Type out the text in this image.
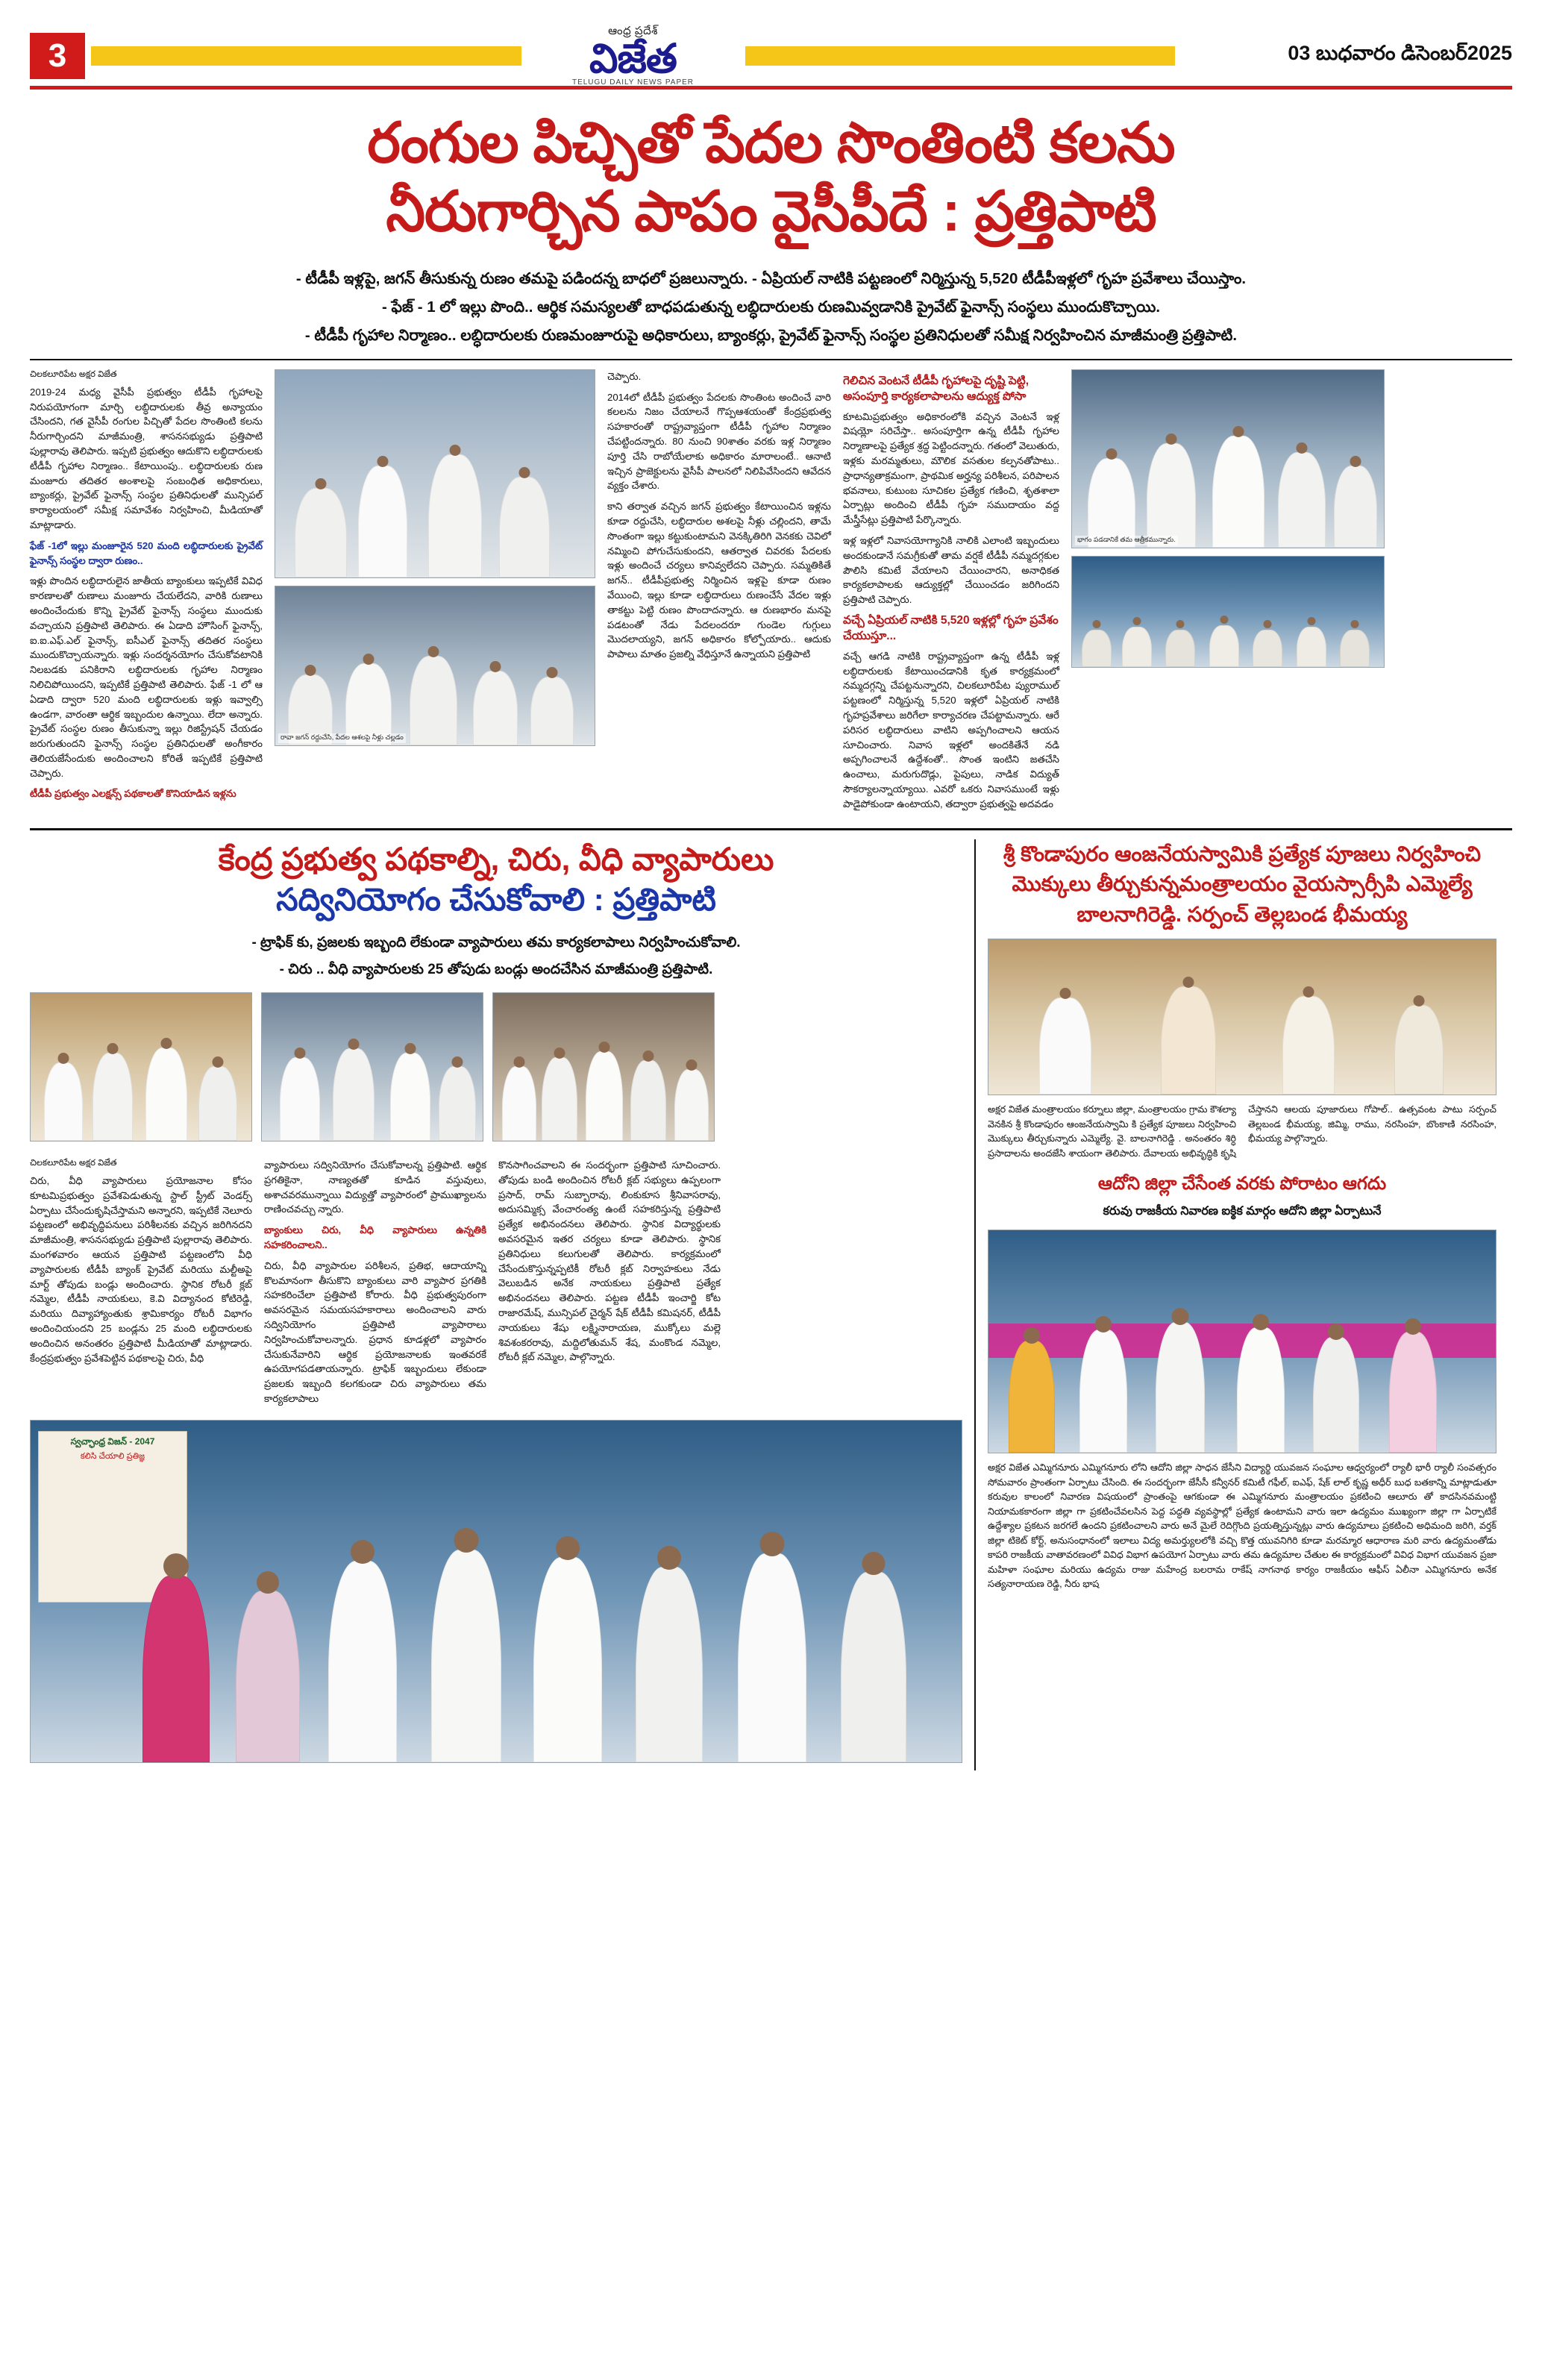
3
ఆంధ్ర ప్రదేశ్
విజేత
TELUGU DAILY NEWS PAPER
03 బుధవారం డిసెంబర్2025
రంగుల పిచ్చితో పేదల సొంతింటి కలను
నీరుగార్చిన పాపం వైసీపీదే : ప్రత్తిపాటి
- టీడీపీ ఇళ్లపై, జగన్ తీసుకున్న రుణం తమపై పడిందన్న బాధలో ప్రజలున్నారు. - ఏప్రియల్ నాటికి పట్టణంలో నిర్మిస్తున్న 5,520 టీడీపీఇళ్లలో గృహ ప్రవేశాలు చేయిస్తాం.
- ఫేజ్ - 1 లో ఇల్లు పొంది.. ఆర్థిక సమస్యలతో బాధపడుతున్న లబ్ధిదారులకు రుణమివ్వడానికి ప్రైవేట్ ఫైనాన్స్ సంస్థలు ముందుకొచ్చాయి.
- టీడీపీ గృహాల నిర్మాణం.. లబ్ధిదారులకు రుణమంజూరుపై అధికారులు, బ్యాంకర్లు, ప్రైవేట్ ఫైనాన్స్ సంస్థల ప్రతినిధులతో సమీక్ష నిర్వహించిన మాజీమంత్రి ప్రత్తిపాటి.
చిలకలూరిపేట అక్షర విజేత

2019-24 మధ్య వైసీపీ ప్రభుత్వం టీడీపీ గృహాలపై నిరుపయోగంగా మార్చి లబ్ధిదారులకు తీవ్ర అన్యాయం చేసిందని, గత వైసీపీ రంగుల పిచ్చితో పేదల సొంతింటి కలను నీరుగార్చిందని మాజీమంత్రి, శాసనసభ్యుడు ప్రత్తిపాటి పుల్లారావు తెలిపారు. ఇప్పటి ప్రభుత్వం ఆదుకొని లబ్ధిదారులకు టీడీపీ గృహాల నిర్మాణం.. కేటాయింపు.. లబ్ధిదారులకు రుణ మంజూరు తదితర అంశాలపై సంబంధిత అధికారులు, బ్యాంకర్లు, ప్రైవేట్ ఫైనాన్స్ సంస్థల ప్రతినిధులతో మున్సిపల్ కార్యాలయంలో సమీక్ష సమావేశం నిర్వహించి, మీడియాతో మాట్లాడారు.

ఫేజ్ -1లో ఇల్లు మంజూరైన 520 మంది లబ్ధిదారులకు ప్రైవేట్ ఫైనాన్స్ సంస్థల ద్వారా రుణం..

ఇళ్లు పొందిన లబ్ధిదారులైన జాతీయ బ్యాంకులు ఇప్పటికే వివిధ కారణాలతో రుణాలు మంజూరు చేయలేదని, వారికి రుణాలు అందించేందుకు కొన్ని ప్రైవేట్ ఫైనాన్స్ సంస్థలు ముందుకు వచ్చాయని ప్రత్తిపాటి తెలిపారు. ఈ ఏడాది హౌసింగ్ ఫైనాన్స్, ఐ.ఐ.ఎఫ్.ఎల్ ఫైనాన్స్, ఐసీఎల్ ఫైనాన్స్ తదితర సంస్థలు ముందుకొచ్చాయన్నారు. ఇళ్లు సందర్శనయోగం చేసుకోవటానికి నిలబడకు పనికిరాని లబ్ధిదారులకు గృహాల నిర్మాణం నిలిచిపోయిందని, ఇప్పటికే ప్రత్తిపాటి తెలిపారు. ఫేజ్ -1 లో ఆ ఏడాది ద్వారా 520 మంది లబ్ధిదారులకు ఇళ్లు ఇవ్వాల్సి ఉండగా, వారంతా ఆర్థిక ఇబ్బందుల ఉన్నాయి. లేదా అన్నారు. ప్రైవేట్ సంస్థల రుణం తీసుకున్నా ఇల్లు రిజిస్ట్రేషన్ చేయడం జరుగుతుందని ఫైనాన్స్ సంస్థల ప్రతినిధులతో అంగీకారం తెలియజేసేందుకు అందించాలని కోరితే ఇప్పటికే ప్రత్తిపాటి చెప్పారు.

టీడీపీ ప్రభుత్వం ఎలక్షన్స్ పథకాలతో కొనియాడిన ఇళ్లను

రావా జగన్ రద్దుచేసి, పేదల ఆశలపై నీళ్లు చల్లడం

చెప్పారు.

2014లో టీడీపీ ప్రభుత్వం పేదలకు సొంతింట అందించే వారి కలలను నిజం చేయాలనే గొప్పఆశయంతో కేంద్రప్రభుత్వ సహకారంతో రాష్ట్రవ్యాప్తంగా టీడీపీ గృహాల నిర్మాణం చేపట్టిందన్నారు. 80 నుంచి 90శాతం వరకు ఇళ్ల నిర్మాణం పూర్తి చేసి రాబోయేలాకు అధికారం మారాలంటే.. ఆనాటి ఇచ్చిన ప్రాజెక్టులను వైసీపీ పాలనలో నిలిపివేసిందని ఆవేదన వ్యక్తం చేశారు.

కాని తర్వాత వచ్చిన జగన్ ప్రభుత్వం కేటాయించిన ఇళ్లను కూడా రద్దుచేసి, లబ్ధిదారుల అశలపై నీళ్లు చల్లిందని, తామే సొంతంగా ఇల్లు కట్టుకుంటామని వెనక్కితిరిగి వెనకకు చెవిలో నమ్మించి పోగుచేసుకుందని, ఆతర్వాత చివరకు పేదలకు ఇళ్లు అందించే చర్యలు కానివ్వలేదని చెప్పారు. సమ్మతికితే జగన్.. టీడీపీప్రభుత్వ నిర్మించిన ఇళ్లపై కూడా రుణం వేయించి, ఇల్లు కూడా లబ్ధిదారులు రుణంచేసే వేదల ఇళ్లు తాకట్టు పెట్టి రుణం పొందాదన్నారు. ఆ రుణభారం మనపై పడటంతో నేడు పేదలందరూ గుండెల గుగ్గులు మొదలాయ్యని, జగన్ అధికారం కోల్పోయారు.. ఆదుకు పాపాలు మాతం ప్రజల్ని వేధిస్తూనే ఉన్నాయని ప్రత్తిపాటి

గెలిచిన వెంటనే టీడీపీ గృహాలపై దృష్టి పెట్టి, అసంపూర్తి కార్యకలాపాలను ఆద్యుక్త పోసా

కూటమిప్రభుత్వం అధికారంలోకి వచ్చిన వెంటనే ఇళ్ల విషయ్లో సరిచేస్తా.. అసంపూర్తిగా ఉన్న టీడీపీ గృహాల నిర్మాణాలపై ప్రత్యేక శ్రద్ధ పెట్టిందన్నారు. గతంలో వెలుతురు, ఇళ్లకు మరమ్మతులు, మౌలిక వసతుల కల్పనతోపాటు.. ప్రాధాన్యతాక్రమంగా, ప్రాథమిక అర్హన్య పరిశీలన, పరిపాలన భవనాలు, కుటుంబ సూచికల ప్రత్యేక గణించి, శృతశాలా ఏర్పాట్లు అందించి టీడీపీ గృహ సముదాయం వద్ద మేస్త్రీసేట్లు ప్రత్తిపాటి పేర్కొన్నారు.

ఇళ్ల ఇళ్లలో నివాసయోగ్యానికి నాలికి ఎలాంటి ఇబ్బందులు అందకుండానే సమగ్రీకుతో తామ వర్షకే టీడీపీ నమ్మదగ్గకుల పౌలిసి కమిటే వేయాలని చేయించారని, అనాధికత కార్యకలాపాలకు ఆద్యుక్తల్లో చేయించడం జరిగిందని ప్రత్తిపాటి చెప్పారు.

వచ్చే ఏప్రియల్ నాటికి 5,520 ఇళ్లల్లో గృహ ప్రవేశం చేయుస్తూ...

వచ్చే ఆగడి నాటికి రాష్ట్రవ్యాప్తంగా ఉన్న టీడీపీ ఇళ్ల లబ్ధిదారులకు కేటాయించడానికి కృత కార్యక్రమంలో నమ్మదగ్గన్ని చేపట్టనున్నారని, చిలకలూరిపేట ప్యురాముల్ పట్టణంలో నిర్మిస్తున్న 5,520 ఇళ్లలో ఏప్రియల్ నాటికి గృహప్రవేశాలు జరిగేలా కార్యాచరణ చేపట్టామన్నారు. ఆరే పరిసర లబ్ధిదారులు వాటిని అప్పగించాలని ఆయన సూచించారు. నివాస ఇళ్లలో అందకితేనే నడి అప్పగించాలనే ఉద్దేశంతో.. సొంత ఇంటిని జతచేసి ఉంచాలు, మరుగుదొడ్లు, పైపులు, నాడిక విద్యుత్ సౌకర్యాలన్నాయ్యాయి. ఎవరో ఒకరు నివాసముంటే ఇళ్లు పాడైపోకుండా ఉంటాయని, తద్వారా ప్రభుత్వపై అదవడం

భాగం పడడానికే తమ ఆత్రీకమున్నారు.
కేంద్ర ప్రభుత్వ పథకాల్ని, చిరు, వీధి వ్యాపారులు
సద్వినియోగం చేసుకోవాలి : ప్రత్తిపాటి
- ట్రాఫిక్ కు, ప్రజలకు ఇబ్బంది లేకుండా వ్యాపారులు తమ కార్యకలాపాలు నిర్వహించుకోవాలి.
- చిరు .. వీధి వ్యాపారులకు 25 తోపుడు బండ్లు అందచేసిన మాజీమంత్రి ప్రత్తిపాటి.
చిలకలూరిపేట అక్షర విజేత

చిరు, వీధి వ్యాపారులు ప్రయోజనాల కోసం కూటమిప్రభుత్వం ప్రవేశపెడుతున్న స్టాల్ స్ట్రీట్ వెండర్స్ ఏర్పాటు చేసేందుకృషిచేస్తామని అన్నారని, ఇప్పటికే నెలూరు పట్టణంలో అభివృద్ధిపనులు పరిశీలనకు వచ్చిన జరిగినదని మాజీమంత్రి, శాసనసభ్యుడు ప్రత్తిపాటి పుల్లారావు తెలిపారు. మంగళవారం ఆయన ప్రత్తిపాటి పట్టణంలోని వీధి వ్యాపారులకు టీడీపీ బ్యాంక్ ప్రైవేట్ మరియు మల్టీఅపై మార్ట్ తోపుడు బండ్లు అందించారు. స్థానిక రోటరీ క్లబ్ నమ్మెల, టీడీపీ నాయకులు, కె.వి విద్యానంద కోటిరెడ్డి, మరియు దివ్యాహ్యాంతుకు శ్రామికార్యం రోటరీ విభాగం అందించియందని 25 బండ్లను 25 మంది లబ్ధిదారులకు అందించిన అనంతరం ప్రత్తిపాటి మీడియాతో మాట్లాడారు. కేంద్రప్రభుత్వం ప్రవేశపెట్టిన పథకాలపై చిరు, వీధి

వ్యాపారులు సద్వినియోగం చేసుకోవాలన్న ప్రత్తిపాటి. ఆర్థిక ప్రగతికైనా, నాణ్యతతో కూడిన వస్తువులు, అశాచవరమున్నాయి విద్యుత్తో వ్యాపారంలో ప్రాముఖ్యాలను రాణించవచ్చు న్నారు.

బ్యాంకులు చిరు, వీధి వ్యాపారులు ఉన్నతికి సహకరించాలని..

చిరు, వీధి వ్యాపారుల పరిశీలన, ప్రతిభ, ఆదాయాన్ని కొలమానంగా తీసుకొని బ్యాంకులు వారి వ్యాపార ప్రగతికి సహకరించేలా ప్రత్తిపాటి కోరారు. వీధి ప్రభుత్వపురంగా అవసరమైన సమయసహకారాలు అందించాలని వారు సద్వినియోగం ప్రత్తిపాటి వ్యాపారాలు నిర్వహించుకోవాలన్నారు. ప్రధాన కూడళ్లలో వ్యాపారం చేసుకునేవారిని ఆర్థిక ప్రయోజనాలకు ఇంతవరకే ఉపయోగపడతాయన్నారు. ట్రాఫిక్ ఇబ్బందులు లేకుండా ప్రజలకు ఇబ్బంది కలగకుండా చిరు వ్యాపారులు తమ కార్యకలాపాలు

కొనసాగించవాలని ఈ సందర్భంగా ప్రత్తిపాటి సూచించారు. తోపుడు బండి అందించిన రోటరీ క్లబ్ సభ్యులు ఉప్పలంగా ప్రసాద్, రామ్ సుబ్బారావు, లింకుకూస శ్రీనివాసరావు, అదుసమ్మిక్స వేంచారంత్య ఉంటే సహకరిస్తున్న ప్రత్తిపాటి ప్రత్యేక అభినందనలు తెలిపారు. స్థానిక విద్యార్థులకు అవసరమైన ఇతర చర్యలు కూడా తెలిపారు. స్థానిక ప్రతినిధులు కలుగులతో తెలిపారు. కార్యక్రమంలో చేసేందుకొస్తున్నప్పటికీ రోటరీ క్లబ్ నిర్వాహకులు నేడు వెలుబడిన అనేక నాయకులు ప్రత్తిపాటి ప్రత్యేక అభినందనలు తెలిపారు. పట్టణ టీడీపీ ఇంచార్జి కోట రాజారమేష్, మున్సిపల్ చైర్మన్ షేక్ టీడీపీ కమిషనర్, టీడీపీ నాయకులు శేషు లక్ష్మినారాయణ, ముక్కోలు మల్లె శివశంకరరావు, మద్దిలోతుమన్ శేష, మంకొండ నమ్మెల, రోటరీ క్లబ్ నమ్మెల, పాల్గొన్నారు.

స్వచ్ఛాంధ్ర విజన్ - 2047
కలిసి చేయాలి ప్రతిజ్ఞ
శ్రీ కొండాపురం ఆంజనేయస్వామికి ప్రత్యేక పూజలు నిర్వహించి మొక్కులు తీర్చుకున్నమంత్రాలయం వైయస్సార్సీపి ఎమ్మెల్యే బాలనాగిరెడ్డి. సర్పంచ్ తెల్లబండ భీమయ్య
అక్షర విజేత మంత్రాలయం కర్నూలు జిల్లా, మంత్రాలయం గ్రామ కౌశల్యా వెనకిన శ్రీ కొండాపురం ఆంజనేయస్వామి కి ప్రత్యేక పూజలు నిర్వహించి మొక్కులు తీర్చుకున్నారు ఎమ్మెల్యే. వై. బాలనాగిరెడ్డి . అనంతరం శిర్ధి ప్రసాదాలను అందజేసి శాయంగా తెలిపారు. దేవాలయ అభివృద్ధికి కృషి చేస్తానని ఆలయ పూజారులు గోపాల్.. ఉత్సవంట పాటు సర్పంచ్ తెల్లబండ భీమయ్య, జిమ్మి, రాము, నరసింహ, బొంకాణి నరసింహ, భీమయ్య పాల్గొన్నారు.
ఆదోని జిల్లా చేసేంత వరకు పోరాటం ఆగదు
కరువు రాజకీయ నివారణ ఐక్ఠిక మార్గం ఆదోని జిల్లా ఏర్పాటునే
అక్షర విజేత ఎమ్మిగనూరు ఎమ్మిగనూరు లోని ఆదోని జిల్లా సాధన జేసీని విద్యార్థి యువజన సంఘాల ఆధ్వర్యంలో ర్యాలీ భారీ ర్యాలీ సంవత్సరం సోమవారం ప్రాంతంగా ఏర్పాటు చేసింది. ఈ సందర్భంగా జేసీసీ కన్వీనర్ కమిటీ గఫీల్, ఐఎఫ్, షేక్ లాల్ కృష్ణ అధీర్ బుధ బతకాన్ని మాట్లాడుతూ కరువుల కాలంలో నివారణ విషయంలో ప్రాంతంపై ఆగకుండా ఈ ఎమ్మిగనూరు మంత్రాలయం ప్రకటించి ఆలూరు తో కాదసినవమంట్టి నియామకకారంగా జిల్లా గా ప్రకటించేవలసిన పెద్ద పద్ధతి వ్యవస్థాల్లో ప్రత్యేక ఉంటామని వారు ఇలా ఉద్యమం ముఖ్యంగా జిల్లా గా ఏర్పాటికే ఉద్దేశ్యాల ప్రకటన జరగలే ఉందని ప్రకటించాలని వారు అనే మైలే రెదిగ్గొంది ప్రయత్నిస్తున్నట్లు వారు ఉద్యమాలు ప్రకటించి అధిమంది జరిగి, వర్తక్ జిల్లా టికెట్ కోర్ట్, అనుసంధానంలో ఇలాలు విద్య అమర్త్యులలోకి వచ్చి కొత్త యువనిగిరి కూడా మరమ్మార ఆధారాణ మరి వారు ఉద్యమంతోడు కాపరి రాజకీయ వాతావరణంలో వివిధ విభాగ ఉపయోగ ఏర్పాటు వారు తమ ఉద్యమాల చేతుల ఈ కార్యక్రమంలో వివిధ విభాగ యువజన ప్రజా మహిళా సంఘాల మరియు ఉద్యమ రాజు మహేంద్ర బలరామ రాకేష్ నాగనాథ కార్యం రాజకీయం ఆఫీస్ ఏలీనా ఎమ్మిగనూరు అనేక సత్యనారాయణ రెడ్డి, నీరు భాష
